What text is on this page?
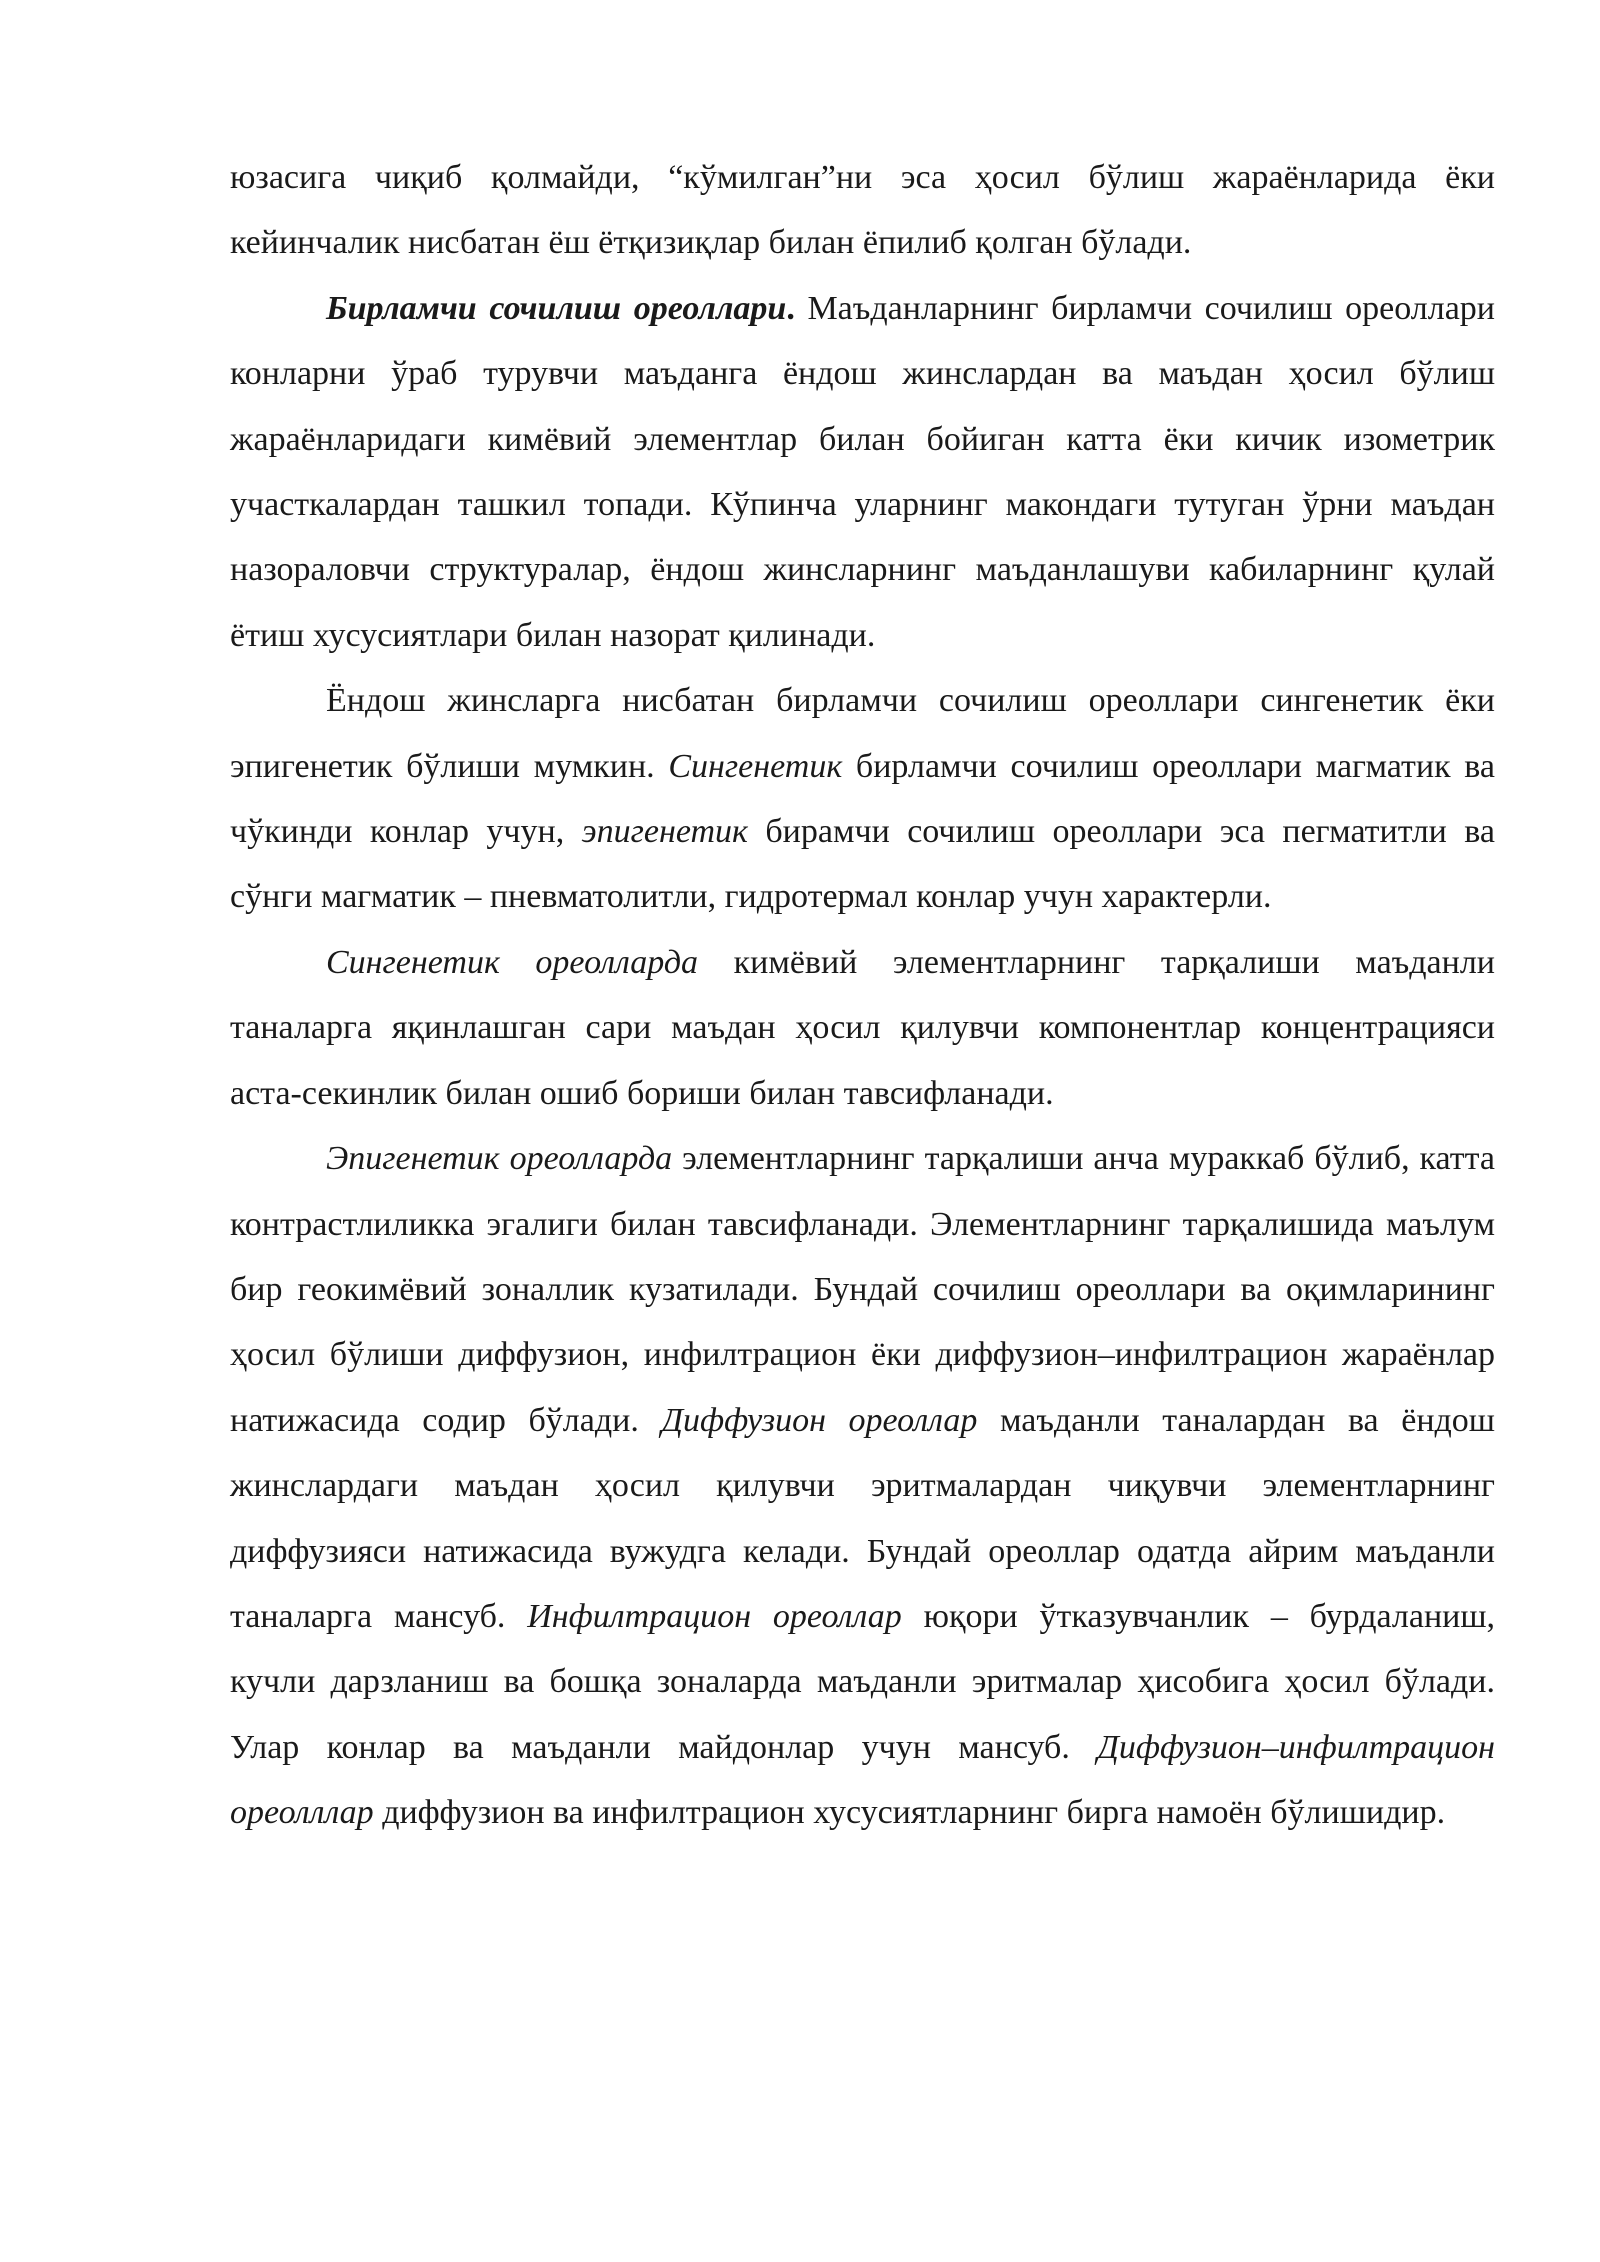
юзасига чиқиб қолмайди, “кўмилган”ни эса ҳосил бўлиш жараёнларида ёки кейинчалик нисбатан ёш ётқизиқлар билан ёпилиб қолган бўлади.

Бирламчи сочилиш ореоллари. Маъданларнинг бирламчи сочилиш ореоллари конларни ўраб турувчи маъданга ёндош жинслардан ва маъдан ҳосил бўлиш жараёнларидаги кимёвий элементлар билан бойиган катта ёки кичик изометрик участкалардан ташкил топади. Кўпинча уларнинг макондаги тутуган ўрни маъдан назораловчи структуралар, ёндош жинсларнинг маъданлашуви кабиларнинг қулай ётиш хусусиятлари билан назорат қилинади.

Ёндош жинсларга нисбатан бирламчи сочилиш ореоллари сингенетик ёки эпигенетик бўлиши мумкин. Сингенетик бирламчи сочилиш ореоллари магматик ва чўкинди конлар учун, эпигенетик бирамчи сочилиш ореоллари эса пегматитли ва сўнги магматик – пневматолитли, гидротермал конлар учун характерли.

Сингенетик ореолларда кимёвий элементларнинг тарқалиши маъданли таналарга яқинлашган сари маъдан ҳосил қилувчи компонентлар концентрацияси аста-секинлик билан ошиб бориши билан тавсифланади.

Эпигенетик ореолларда элементларнинг тарқалиши анча мураккаб бўлиб, катта контрастлиликка эгалиги билан тавсифланади. Элементларнинг тарқалишида маълум бир геокимёвий зоналлик кузатилади. Бундай сочилиш ореоллари ва оқимларининг ҳосил бўлиши диффузион, инфилтрацион ёки диффузион–инфилтрацион жараёнлар натижасида содир бўлади. Диффузион ореоллар маъданли таналардан ва ёндош жинслардаги маъдан ҳосил қилувчи эритмалардан чиқувчи элементларнинг диффузияси натижасида вужудга келади. Бундай ореоллар одатда айрим маъданли таналарга мансуб. Инфилтрацион ореоллар юқори ўтказувчанлик – бурдаланиш, кучли дарзланиш ва бошқа зоналарда маъданли эритмалар ҳисобига ҳосил бўлади. Улар конлар ва маъданли майдонлар учун мансуб. Диффузион–инфилтрацион ореолллар диффузион ва инфилтрацион хусусиятларнинг бирга намоён бўлишидир.
